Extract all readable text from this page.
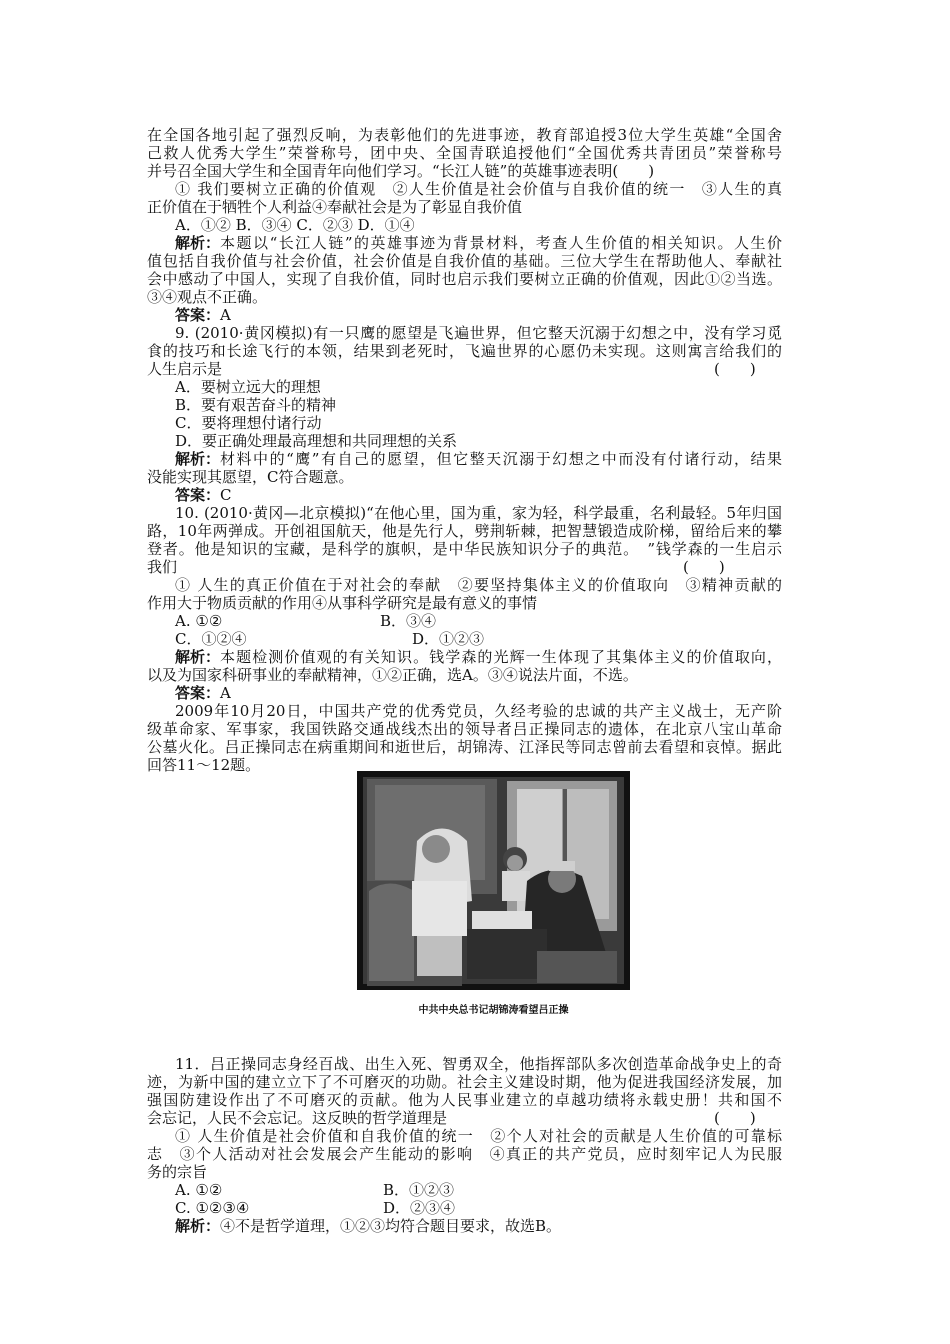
在全国各地引起了强烈反响，为表彰他们的先进事迹，教育部追授3位大学生英雄“全国舍
己救人优秀大学生”荣誉称号，团中央、全国青联追授他们“全国优秀共青团员”荣誉称号
并号召全国大学生和全国青年向他们学习。“长江人链”的英雄事迹表明(　　)
① 我们要树立正确的价值观　②人生价值是社会价值与自我价值的统一　③人生的真
正价值在于牺牲个人利益④奉献社会是为了彰显自我价值
A．①② B．③④ C．②③ D．①④
解析： 本题以“长江人链”的英雄事迹为背景材料，考查人生价值的相关知识。人生价
值包括自我价值与社会价值，社会价值是自我价值的基础。三位大学生在帮助他人、奉献社
会中感动了中国人，实现了自我价值，同时也启示我们要树立正确的价值观，因此①②当选。
③④观点不正确。
答案：A
9. (2010·黄冈模拟)有一只鹰的愿望是飞遍世界，但它整天沉溺于幻想之中，没有学习觅
食的技巧和长途飞行的本领，结果到老死时，飞遍世界的心愿仍未实现。这则寓言给我们的
人生启示是	(　　)
A．要树立远大的理想
B．要有艰苦奋斗的精神
C．要将理想付诸行动
D．要正确处理最高理想和共同理想的关系
解析： 材料中的“鹰”有自己的愿望，但它整天沉溺于幻想之中而没有付诸行动，结果
没能实现其愿望，C符合题意。
答案：C
10. (2010·黄冈—北京模拟)“在他心里，国为重，家为轻，科学最重，名利最轻。5年归国
路，10年两弹成。开创祖国航天，他是先行人，劈荆斩棘，把智慧锻造成阶梯，留给后来的攀
登者。他是知识的宝藏，是科学的旗帜，是中华民族知识分子的典范。　”钱学森的一生启示
我们	(　　)
① 人生的真正价值在于对社会的奉献　②要坚持集体主义的价值取向　③精神贡献的
作用大于物质贡献的作用④从事科学研究是最有意义的事情
A. ①②	B．③④
C．①②④	D．①②③
解析： 本题检测价值观的有关知识。钱学森的光辉一生体现了其集体主义的价值取向，
以及为国家科研事业的奉献精神，①②正确，选A。③④说法片面，不选。
答案：A
2009年10月20日，中国共产党的优秀党员，久经考验的忠诚的共产主义战士，无产阶
级革命家、军事家，我国铁路交通战线杰出的领导者吕正操同志的遗体，在北京八宝山革命
公墓火化。吕正操同志在病重期间和逝世后，胡锦涛、江泽民等同志曾前去看望和哀悼。据此
回答11～12题。
中共中央总书记胡锦涛看望吕正操
11．吕正操同志身经百战、出生入死、智勇双全，他指挥部队多次创造革命战争史上的奇
迹，为新中国的建立立下了不可磨灭的功勋。社会主义建设时期，他为促进我国经济发展，加
强国防建设作出了不可磨灭的贡献。他为人民事业建立的卓越功绩将永载史册！共和国不
会忘记，人民不会忘记。这反映的哲学道理是	(　　)
① 人生价值是社会价值和自我价值的统一　②个人对社会的贡献是人生价值的可靠标
志　③个人活动对社会发展会产生能动的影响　④真正的共产党员，应时刻牢记人为民服
务的宗旨
A. ①②	B．①②③
C. ①②③④	D．②③④
解析：④不是哲学道理，①②③均符合题目要求，故选B。
